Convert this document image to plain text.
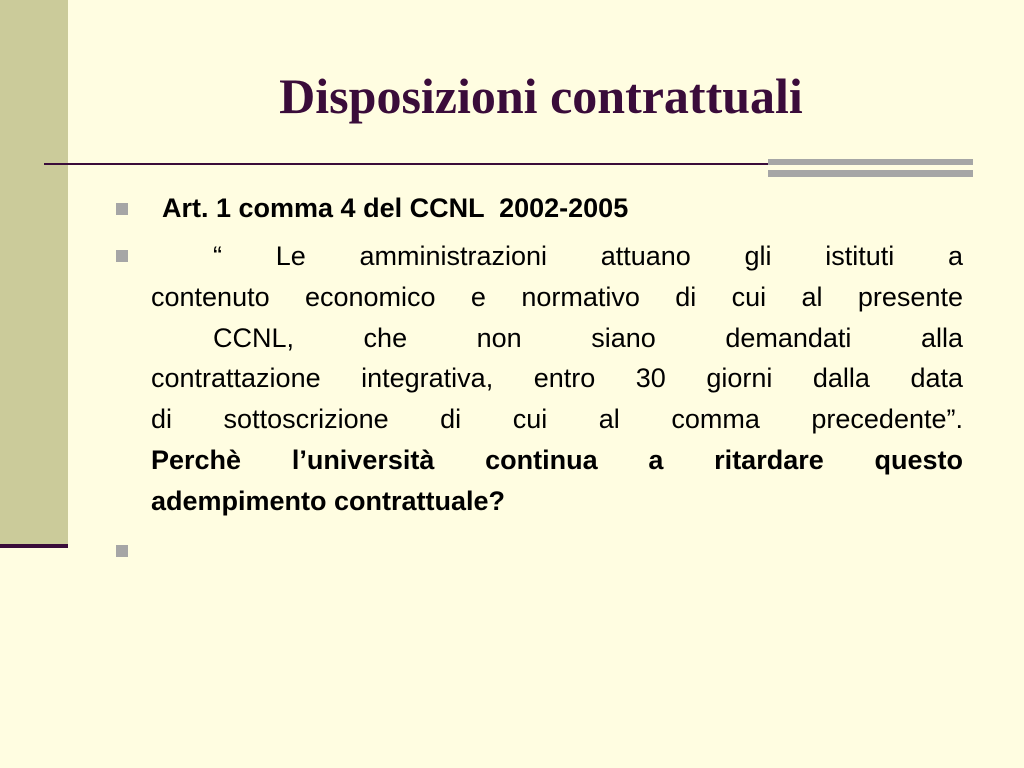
Disposizioni contrattuali
Art. 1 comma 4 del CCNL  2002-2005
“ Le amministrazioni attuano gli istituti a
contenuto economico e normativo di cui al presente
CCNL, che non siano demandati alla
contrattazione integrativa, entro 30 giorni dalla data
di sottoscrizione di cui al comma precedente”.
Perchè l’università continua a ritardare questo
adempimento contrattuale?
